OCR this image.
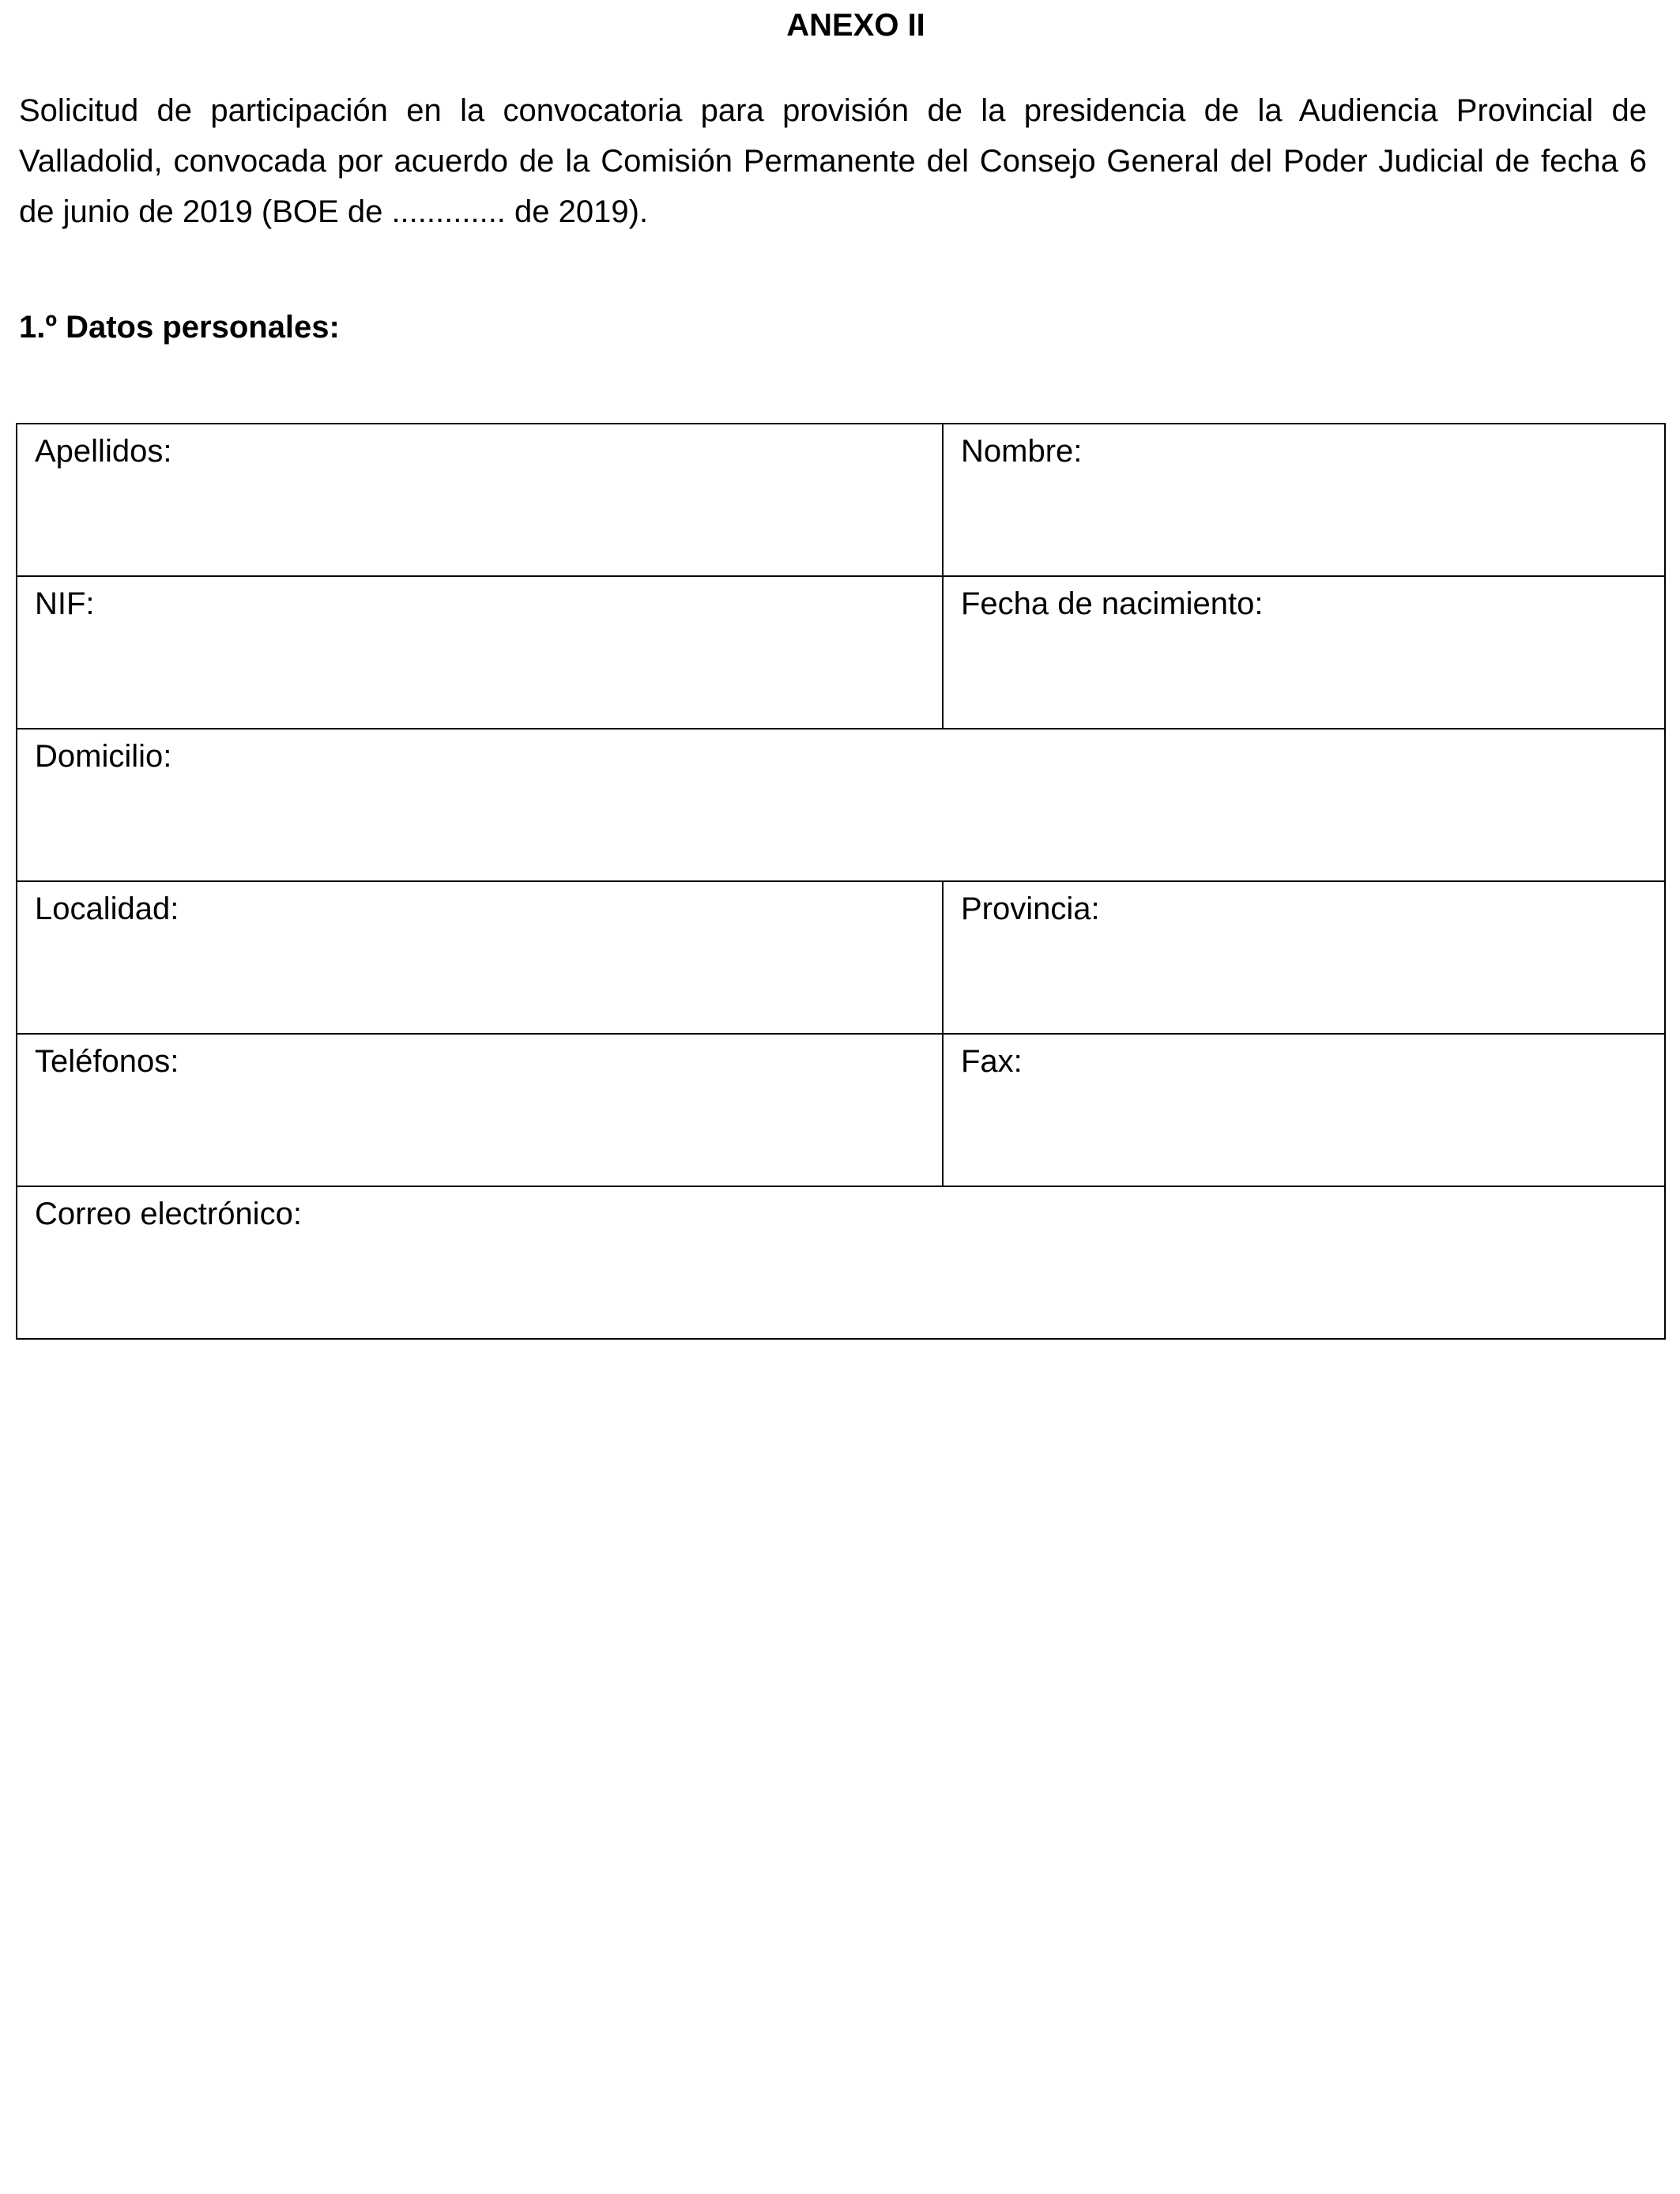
ANEXO II
Solicitud de participación en la convocatoria para provisión de la presidencia de la Audiencia Provincial de Valladolid, convocada por acuerdo de la Comisión Permanente del Consejo General del Poder Judicial de fecha 6 de junio de 2019 (BOE de ............. de 2019).
1.º Datos personales:
Apellidos:	Nombre:

NIF:	Fecha de nacimiento:

Domicilio:	

Localidad:	Provincia:

Teléfonos:	Fax:

Correo electrónico:	
